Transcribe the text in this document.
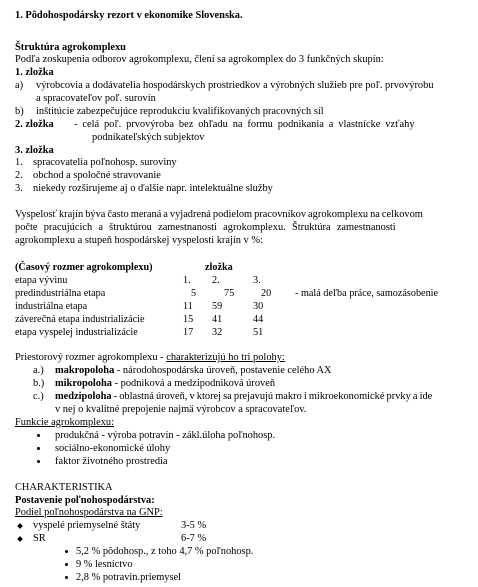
1. Pôdohospodársky rezort v ekonomike Slovenska.
Štruktúra agrokomplexu
Podľa zoskupenia odborov agrokomplexu, člení sa agrokomplex do 3 funkčných skupín:
1. zložka
a) výrobcovia a dodávatelia hospodárskych prostriedkov a výrobných služieb pre poľ. prvovýrobu
a spracovateľov poľ. surovín
b) inštitúcie zabezpečujúce reprodukciu kvalifikovaných pracovných síl
2. zložka - celá poľ. prvovýroba bez ohľadu na formu podnikania a vlastnícke vzťahy
podnikateľských subjektov
3. zložka
1. spracovatelia poľnohosp. suroviny
2. obchod a spoločné stravovanie
3. niekedy rozširujeme aj o ďalšie napr. intelektuálne služby
Vyspelosť krajín býva často meraná a vyjadrená podielom pracovníkov agrokomplexu na celkovom
počte pracujúcich a štruktúrou zamestnanosti agrokomplexu. Štruktúra zamestnanosti
agrokomplexu a stupeň hospodárskej vyspelosti krajín v %:
(Časový rozmer agrokomplexu)		zložka		
etapa vývinu	1.	2.	3.	
predindustriálna etapa	5	75	20	- malá deľba práce, samozásobenie
industriálna etapa	11	59	30	
záverečná etapa industrializácie	15	41	44	
etapa vyspelej industrializácie	17	32	51	
Priestorový rozmer agrokomplexu - charakterizujú ho tri polohy:
a.) makropoloha - národohospodárska úroveň, postavenie celého AX
b.) mikropoloha - podniková a medzipodniková úroveň
c.) medzipoloha - oblastná úroveň, v ktorej sa prejavujú makro i mikroekonomické prvky a ide
v nej o kvalitné prepojenie najmä výrobcov a spracovateľov.
Funkcie agrokomplexu:
produkčná - výroba potravín - zákl.úloha poľnohosp.
sociálno-ekonomické úlohy
faktor životného prostredia
CHARAKTERISTIKA
Postavenie poľnohospodárstva:
Podiel poľnohospodárstva na GNP:
vyspelé priemyselné štáty	3-5 %
SR	6-7 %
5,2 % pôdohosp., z toho 4,7 % poľnohosp.
9 % lesníctvo
2,8 % potravin.priemysel
